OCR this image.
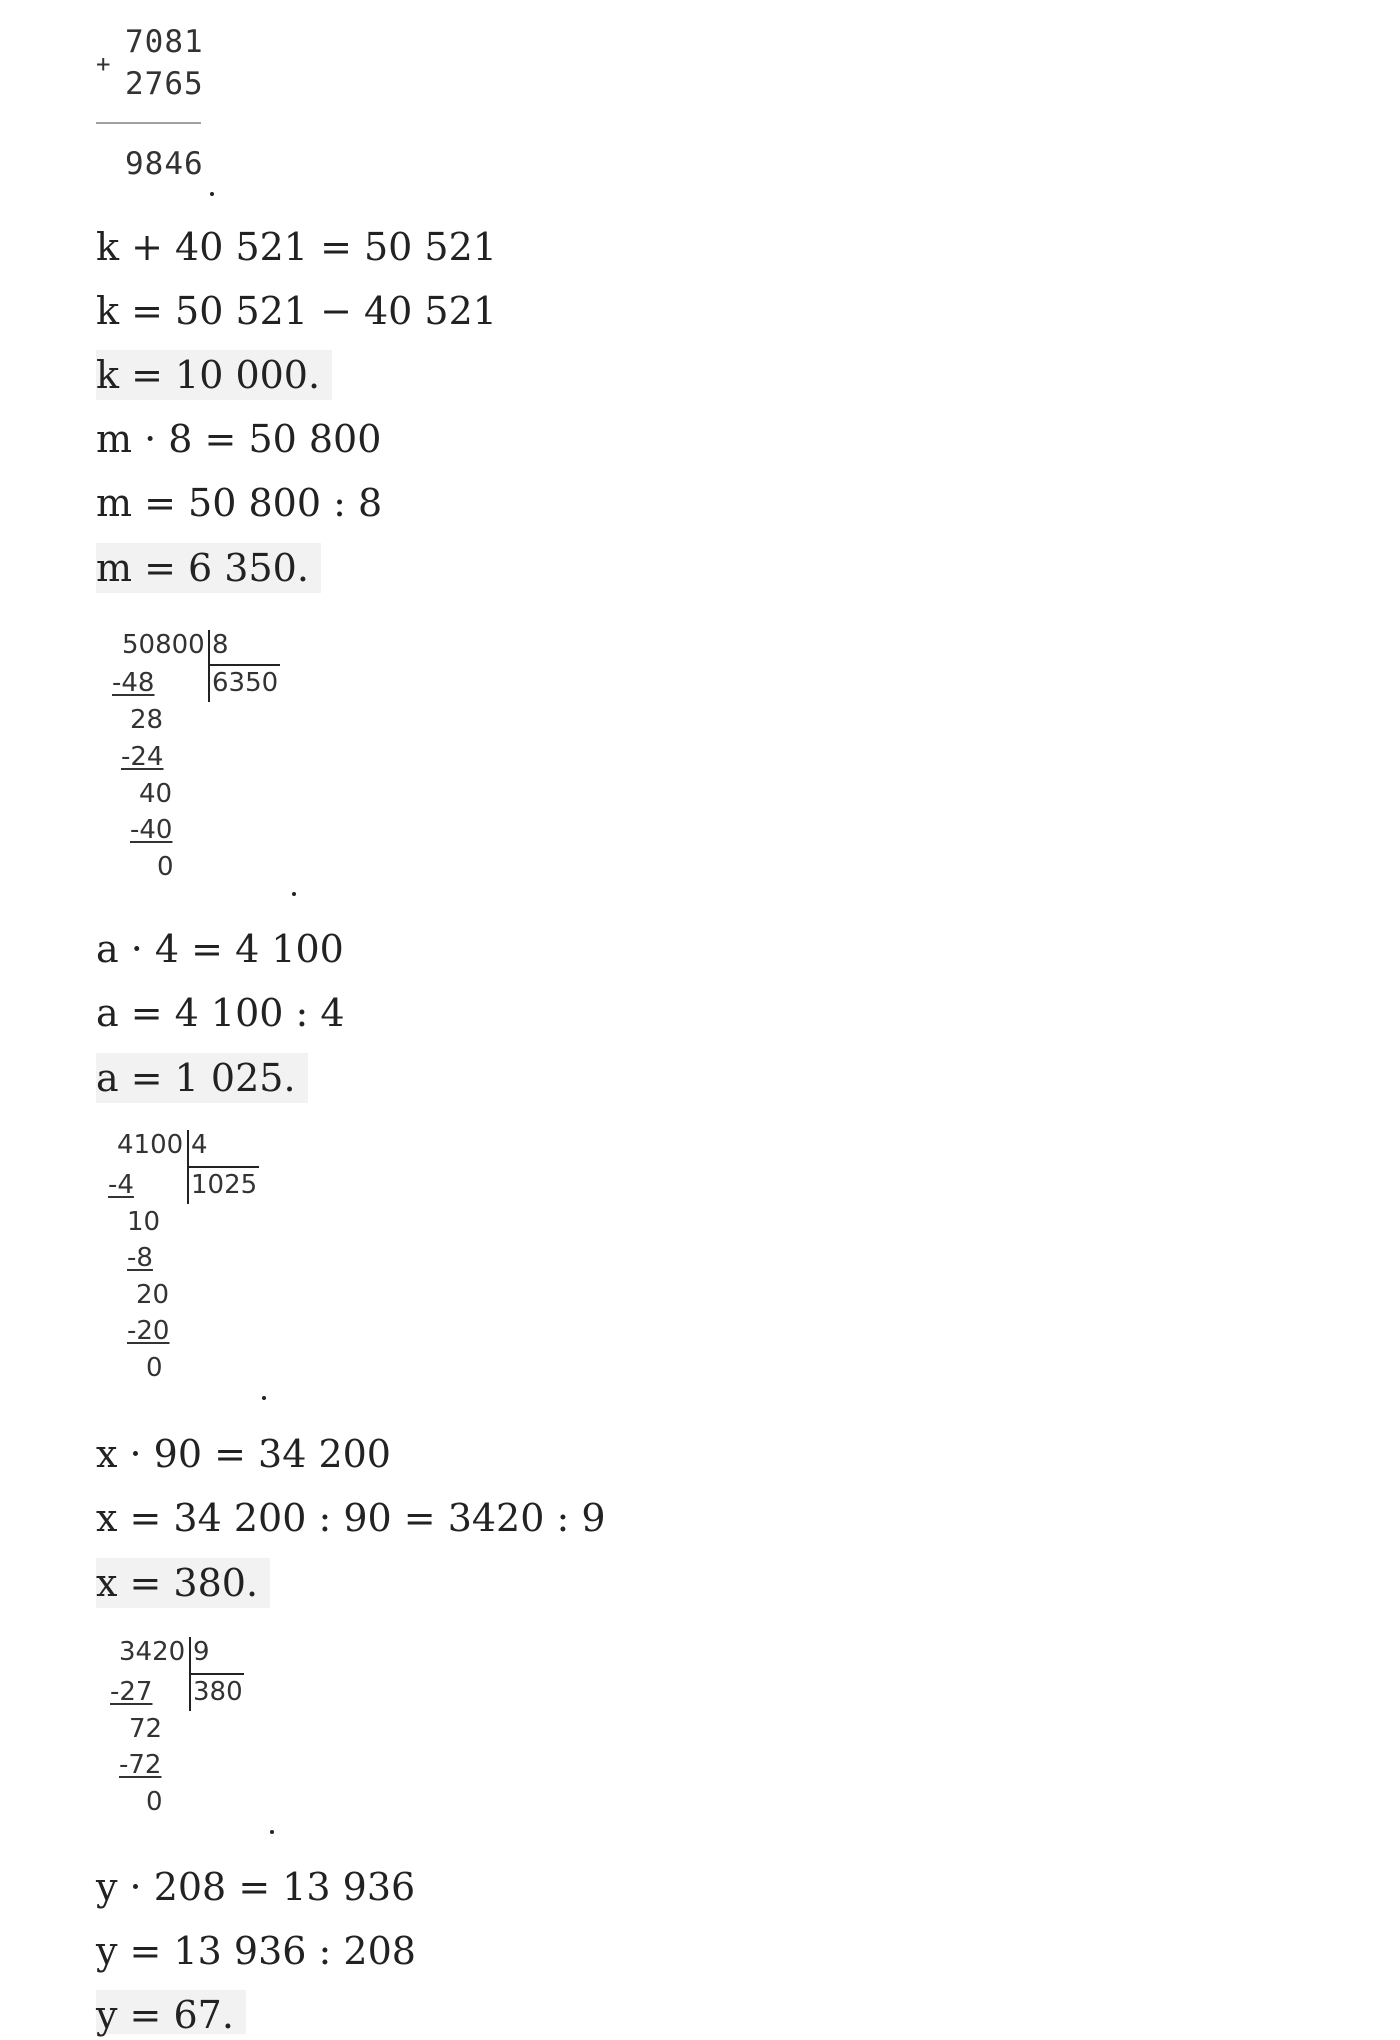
+
7081
2765
9846
k + 40 521 = 50 521
k = 50 521 − 40 521
k = 10 000.
m · 8 = 50 800
m = 50 800 : 8
m = 6 350.
50800 8
6350
-48
28
-24
40
-40
0
a · 4 = 4 100
a = 4 100 : 4
a = 1 025.
4100 4
1025
-4
10
-8
20
-20
0
x · 90 = 34 200
x = 34 200 : 90 = 3420 : 9
x = 380.
3420 9
380
-27
72
-72
0
y · 208 = 13 936
y = 13 936 : 208
y = 67.
